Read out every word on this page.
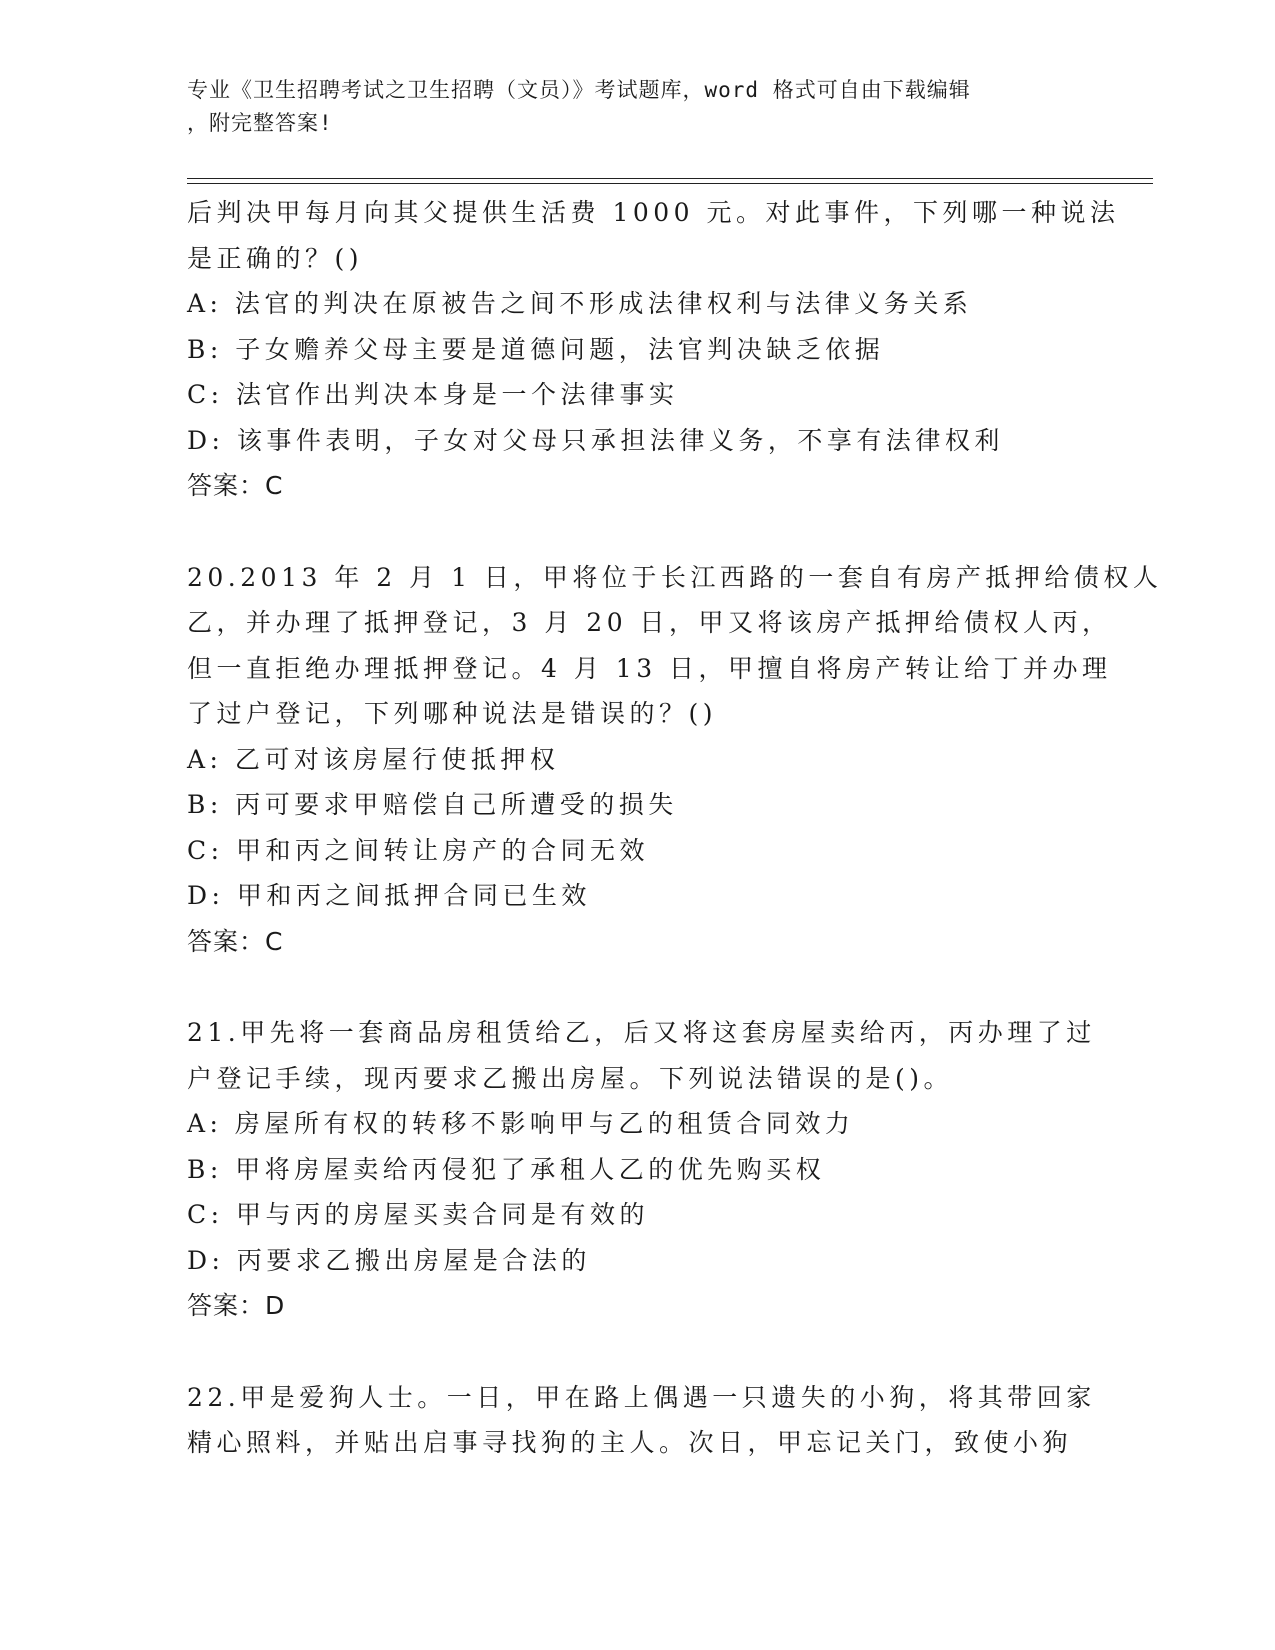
专业《卫生招聘考试之卫生招聘（文员）》考试题库，word 格式可自由下载编辑
，附完整答案!
后判决甲每月向其父提供生活费 1000 元。对此事件，下列哪一种说法
是正确的？()
A: 法官的判决在原被告之间不形成法律权利与法律义务关系
B: 子女赡养父母主要是道德问题，法官判决缺乏依据
C: 法官作出判决本身是一个法律事实
D: 该事件表明，子女对父母只承担法律义务，不享有法律权利
答案：C
20.2013 年 2 月 1 日，甲将位于长江西路的一套自有房产抵押给债权人
乙，并办理了抵押登记，3 月 20 日，甲又将该房产抵押给债权人丙，
但一直拒绝办理抵押登记。4 月 13 日，甲擅自将房产转让给丁并办理
了过户登记，下列哪种说法是错误的？()
A: 乙可对该房屋行使抵押权
B: 丙可要求甲赔偿自己所遭受的损失
C: 甲和丙之间转让房产的合同无效
D: 甲和丙之间抵押合同已生效
答案：C
21.甲先将一套商品房租赁给乙，后又将这套房屋卖给丙，丙办理了过
户登记手续，现丙要求乙搬出房屋。下列说法错误的是()。
A: 房屋所有权的转移不影响甲与乙的租赁合同效力
B: 甲将房屋卖给丙侵犯了承租人乙的优先购买权
C: 甲与丙的房屋买卖合同是有效的
D: 丙要求乙搬出房屋是合法的
答案：D
22.甲是爱狗人士。一日，甲在路上偶遇一只遗失的小狗，将其带回家
精心照料，并贴出启事寻找狗的主人。次日，甲忘记关门，致使小狗
